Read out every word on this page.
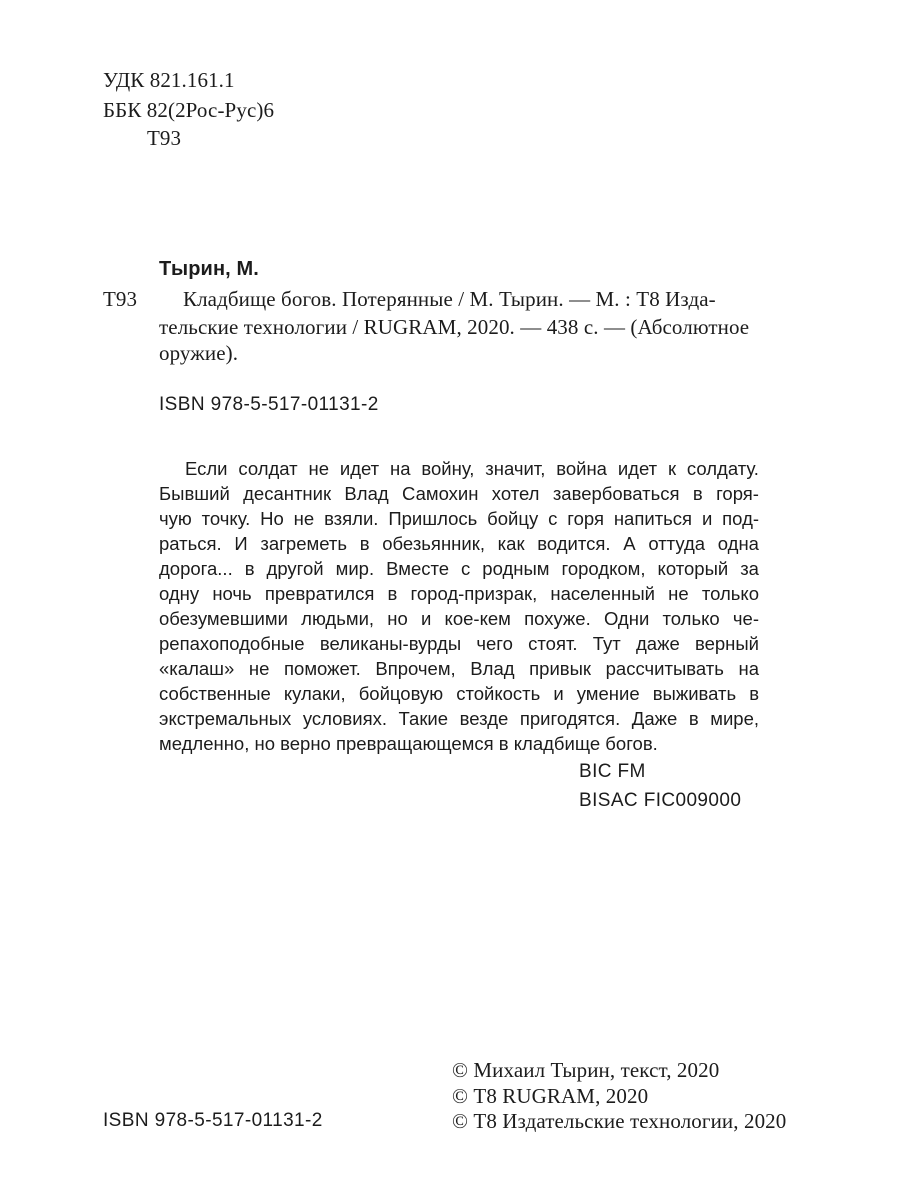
УДК 821.161.1
ББК 82(2Рос-Рус)6
Т93
Тырин, М.
Т93 Кладбище богов. Потерянные / М. Тырин. — М. : Т8 Изда-
тельские технологии / RUGRAM, 2020. — 438 с. — (Абсолютное
оружие).
ISBN 978-5-517-01131-2
Если солдат не идет на войну, значит, война идет к солдату.
Бывший десантник Влад Самохин хотел завербоваться в горя-
чую точку. Но не взяли. Пришлось бойцу с горя напиться и под-
раться. И загреметь в обезьянник, как водится. А оттуда одна
дорога... в другой мир. Вместе с родным городком, который за
одну ночь превратился в город-призрак, населенный не только
обезумевшими людьми, но и кое-кем похуже. Одни только че-
репахоподобные великаны-вурды чего стоят. Тут даже верный
«калаш» не поможет. Впрочем, Влад привык рассчитывать на
собственные кулаки, бойцовую стойкость и умение выживать в
экстремальных условиях. Такие везде пригодятся. Даже в мире,
медленно, но верно превращающемся в кладбище богов.
BIC FM
BISAC FIC009000
© Михаил Тырин, текст, 2020
© Т8 RUGRAM, 2020
ISBN 978-5-517-01131-2	© Т8 Издательские технологии, 2020
